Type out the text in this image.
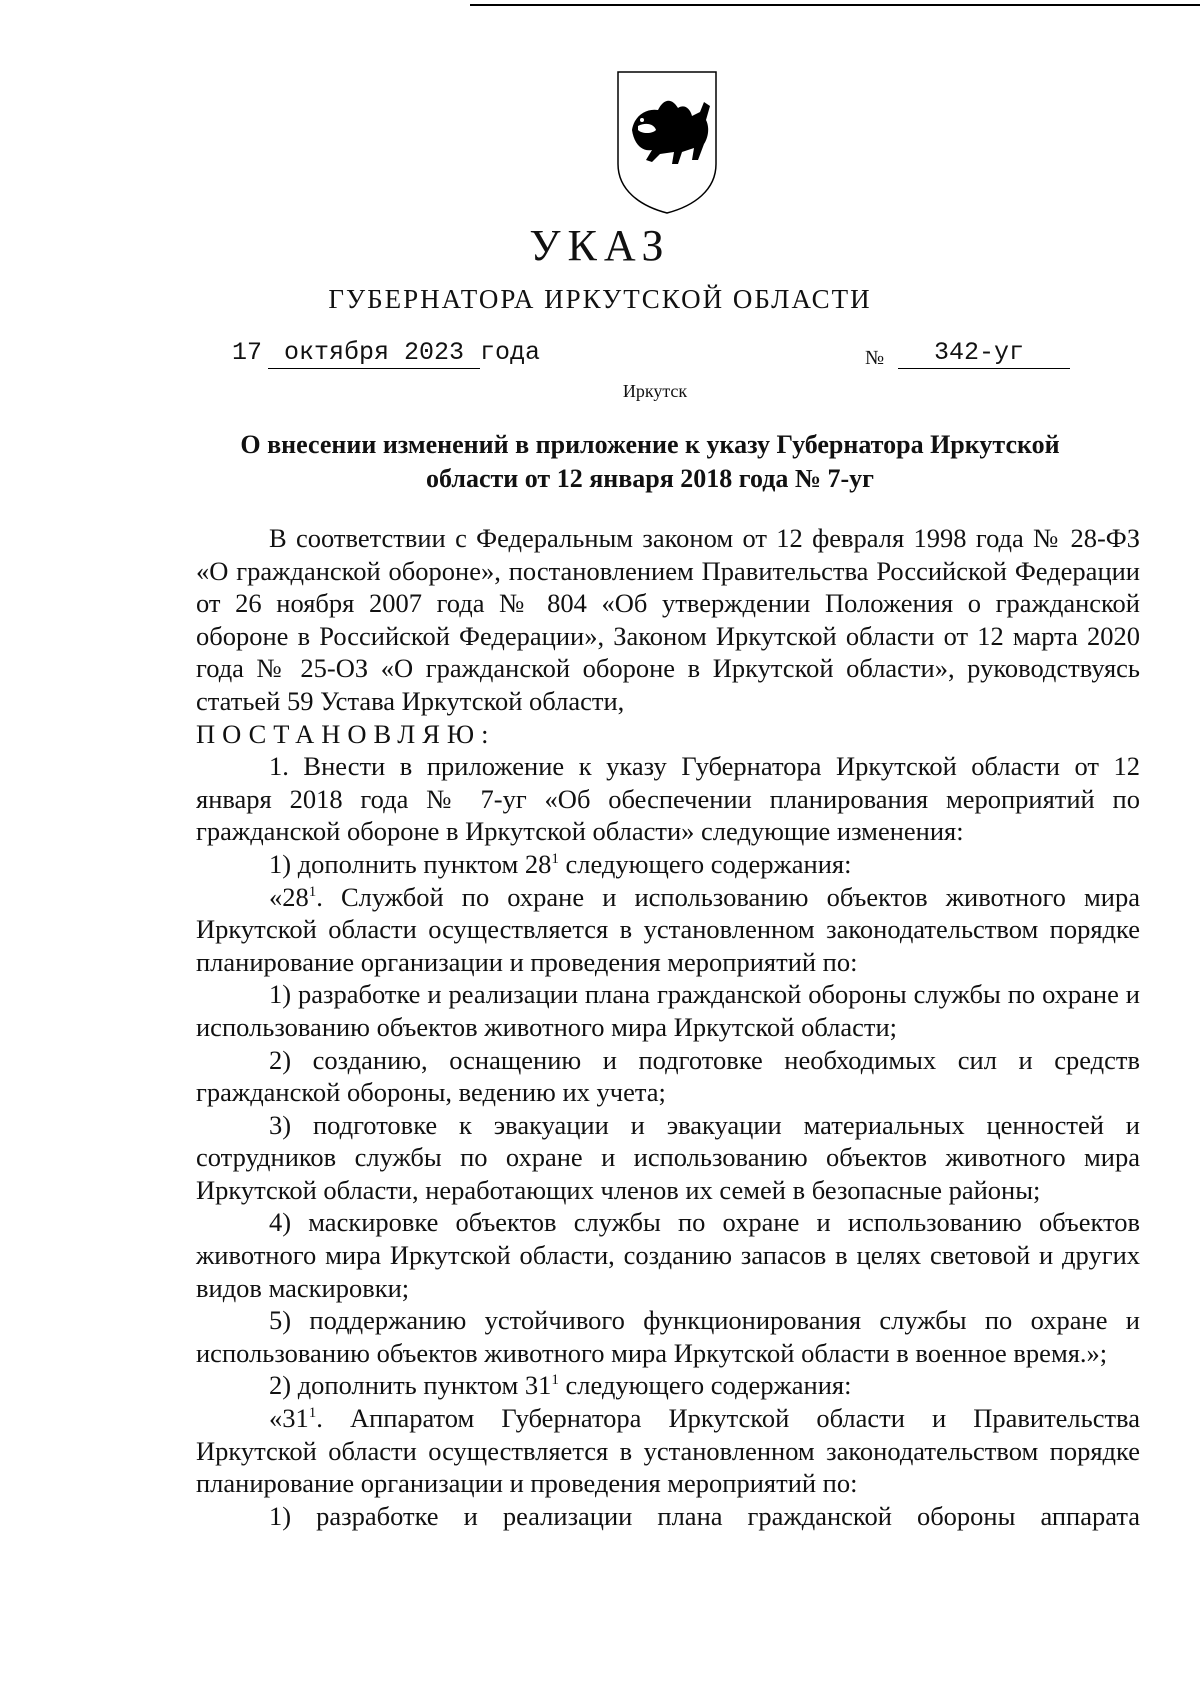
УКАЗ
ГУБЕРНАТОРА ИРКУТСКОЙ ОБЛАСТИ
17 октября 2023 года	№	342-уг
Иркутск
О внесении изменений в приложение к указу Губернатора Иркутской
области от 12 января 2018 года № 7-уг

В соответствии с Федеральным законом от 12 февраля 1998 года № 28-ФЗ «О гражданской обороне», постановлением Правительства Российской Федерации от 26 ноября 2007 года № 804 «Об утверждении Положения о гражданской обороне в Российской Федерации», Законом Иркутской области от 12 марта 2020 года № 25-ОЗ «О гражданской обороне в Иркутской области», руководствуясь статьей 59 Устава Иркутской области,

ПОСТАНОВЛЯЮ:

1. Внести в приложение к указу Губернатора Иркутской области от 12 января 2018 года № 7-уг «Об обеспечении планирования мероприятий по гражданской обороне в Иркутской области» следующие изменения:

1) дополнить пунктом $28^1$ следующего содержания:

«$28^1$. Службой по охране и использованию объектов животного мира Иркутской области осуществляется в установленном законодательством порядке планирование организации и проведения мероприятий по:

1) разработке и реализации плана гражданской обороны службы по охране и использованию объектов животного мира Иркутской области;

2) созданию, оснащению и подготовке необходимых сил и средств гражданской обороны, ведению их учета;

3) подготовке к эвакуации и эвакуации материальных ценностей и сотрудников службы по охране и использованию объектов животного мира Иркутской области, неработающих членов их семей в безопасные районы;

4) маскировке объектов службы по охране и использованию объектов животного мира Иркутской области, созданию запасов в целях световой и других видов маскировки;

5) поддержанию устойчивого функционирования службы по охране и использованию объектов животного мира Иркутской области в военное время.»;

2) дополнить пунктом $31^1$ следующего содержания:

«$31^1$. Аппаратом Губернатора Иркутской области и Правительства Иркутской области осуществляется в установленном законодательством порядке планирование организации и проведения мероприятий по:

1) разработке и реализации плана гражданской обороны аппарата
